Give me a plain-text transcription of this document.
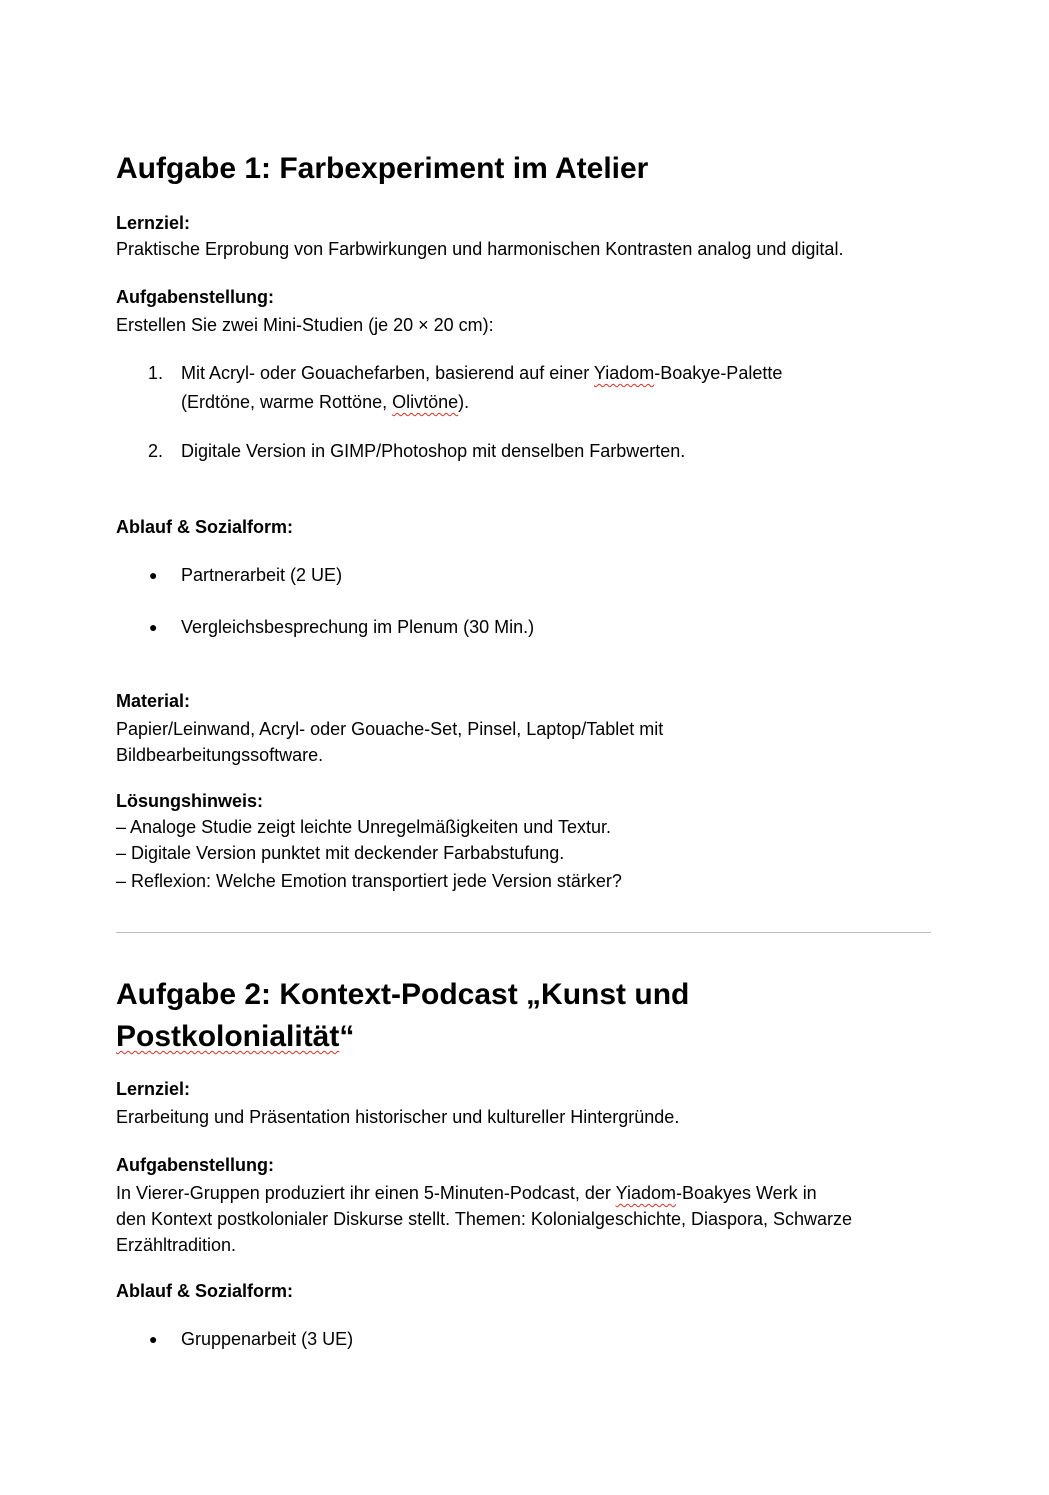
Aufgabe 1: Farbexperiment im Atelier
Lernziel:
Praktische Erprobung von Farbwirkungen und harmonischen Kontrasten analog und digital.
Aufgabenstellung:
Erstellen Sie zwei Mini-Studien (je 20 × 20 cm):
1. Mit Acryl- oder Gouachefarben, basierend auf einer Yiadom-Boakye-Palette
(Erdtöne, warme Rottöne, Olivtöne).
2. Digitale Version in GIMP/Photoshop mit denselben Farbwerten.
Ablauf & Sozialform:
● Partnerarbeit (2 UE)
● Vergleichsbesprechung im Plenum (30 Min.)
Material:
Papier/Leinwand, Acryl- oder Gouache-Set, Pinsel, Laptop/Tablet mit
Bildbearbeitungssoftware.
Lösungshinweis:
– Analoge Studie zeigt leichte Unregelmäßigkeiten und Textur.
– Digitale Version punktet mit deckender Farbabstufung.
– Reflexion: Welche Emotion transportiert jede Version stärker?
Aufgabe 2: Kontext-Podcast „Kunst und
Postkolonialität“
Lernziel:
Erarbeitung und Präsentation historischer und kultureller Hintergründe.
Aufgabenstellung:
In Vierer-Gruppen produziert ihr einen 5-Minuten-Podcast, der Yiadom-Boakyes Werk in
den Kontext postkolonialer Diskurse stellt. Themen: Kolonialgeschichte, Diaspora, Schwarze
Erzähltradition.
Ablauf & Sozialform:
● Gruppenarbeit (3 UE)
